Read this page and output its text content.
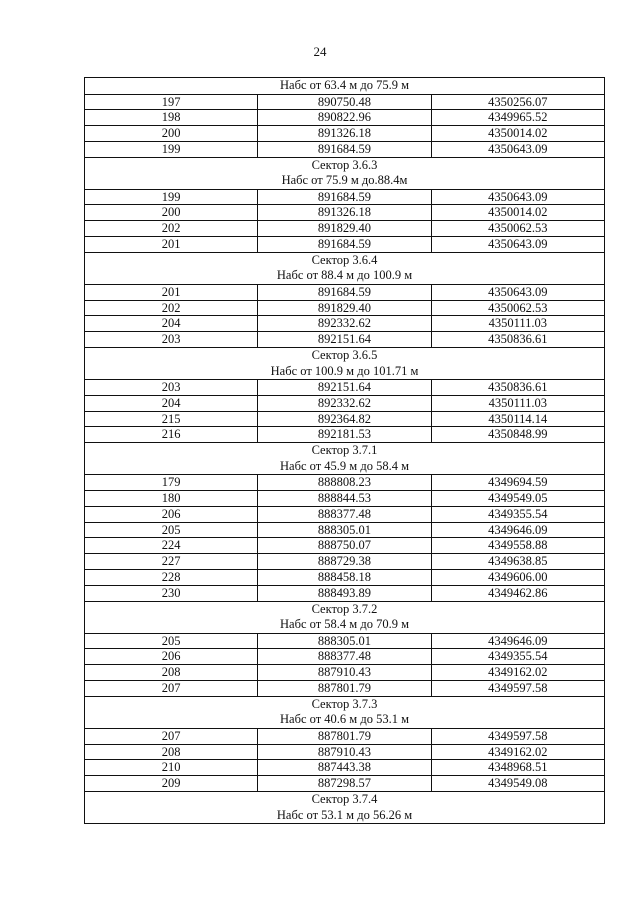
24
Набс от 63.4 м до 75.9 м		

197	890750.48	4350256.07
198	890822.96	4349965.52
200	891326.18	4350014.02
199	891684.59	4350643.09

Сектор 3.6.3
Набс от 75.9 м до.88.4м		

199	891684.59	4350643.09
200	891326.18	4350014.02
202	891829.40	4350062.53
201	891684.59	4350643.09

Сектор 3.6.4
Набс от 88.4 м до 100.9 м		

201	891684.59	4350643.09
202	891829.40	4350062.53
204	892332.62	4350111.03
203	892151.64	4350836.61

Сектор 3.6.5
Набс от 100.9 м до 101.71 м		

203	892151.64	4350836.61
204	892332.62	4350111.03
215	892364.82	4350114.14
216	892181.53	4350848.99

Сектор 3.7.1
Набс от 45.9 м до 58.4 м		

179	888808.23	4349694.59
180	888844.53	4349549.05
206	888377.48	4349355.54
205	888305.01	4349646.09
224	888750.07	4349558.88
227	888729.38	4349638.85
228	888458.18	4349606.00
230	888493.89	4349462.86

Сектор 3.7.2
Набс от 58.4 м до 70.9 м		

205	888305.01	4349646.09
206	888377.48	4349355.54
208	887910.43	4349162.02
207	887801.79	4349597.58

Сектор 3.7.3
Набс от 40.6 м до 53.1 м		

207	887801.79	4349597.58
208	887910.43	4349162.02
210	887443.38	4348968.51
209	887298.57	4349549.08

Сектор 3.7.4
Набс от 53.1 м до 56.26 м		
